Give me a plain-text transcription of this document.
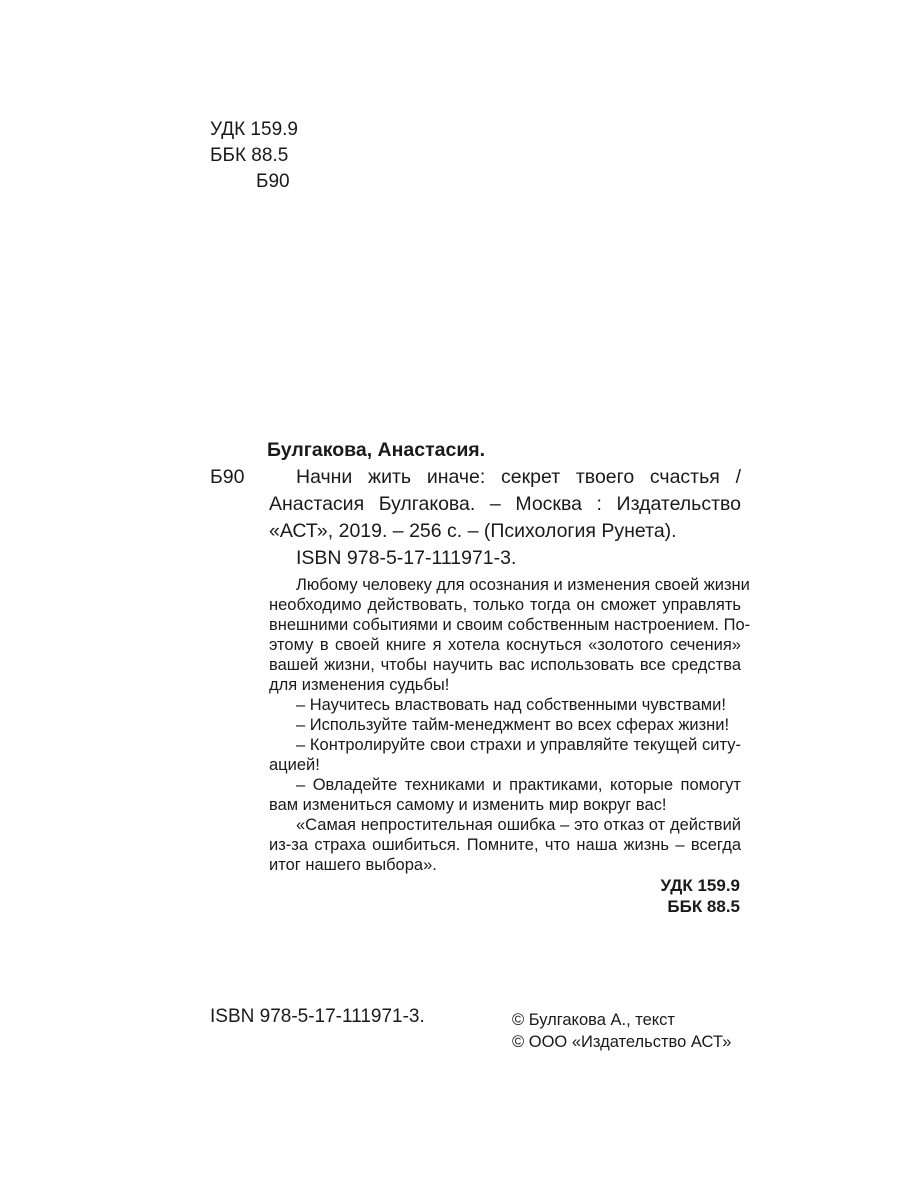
УДК 159.9
ББК 88.5
Б90
Булгакова, Анастасия.
Б90	Начни жить иначе: секрет твоего счастья /
Анастасия Булгакова. – Москва : Издательство
«АСТ», 2019. – 256 с. – (Психология Рунета).
ISBN 978-5-17-111971-3.
Любому человеку для осознания и изменения своей жизни
необходимо действовать, только тогда он сможет управлять
внешними событиями и своим собственным настроением. По-
этому в своей книге я хотела коснуться «золотого сечения»
вашей жизни, чтобы научить вас использовать все средства
для изменения судьбы!
– Научитесь властвовать над собственными чувствами!
– Используйте тайм-менеджмент во всех сферах жизни!
– Контролируйте свои страхи и управляйте текущей ситу-
ацией!
– Овладейте техниками и практиками, которые помогут
вам измениться самому и изменить мир вокруг вас!
«Самая непростительная ошибка – это отказ от действий
из-за страха ошибиться. Помните, что наша жизнь – всегда
итог нашего выбора».
УДК 159.9
ББК 88.5
ISBN 978-5-17-111971-3.	© Булгакова А., текст
© ООО «Издательство АСТ»
